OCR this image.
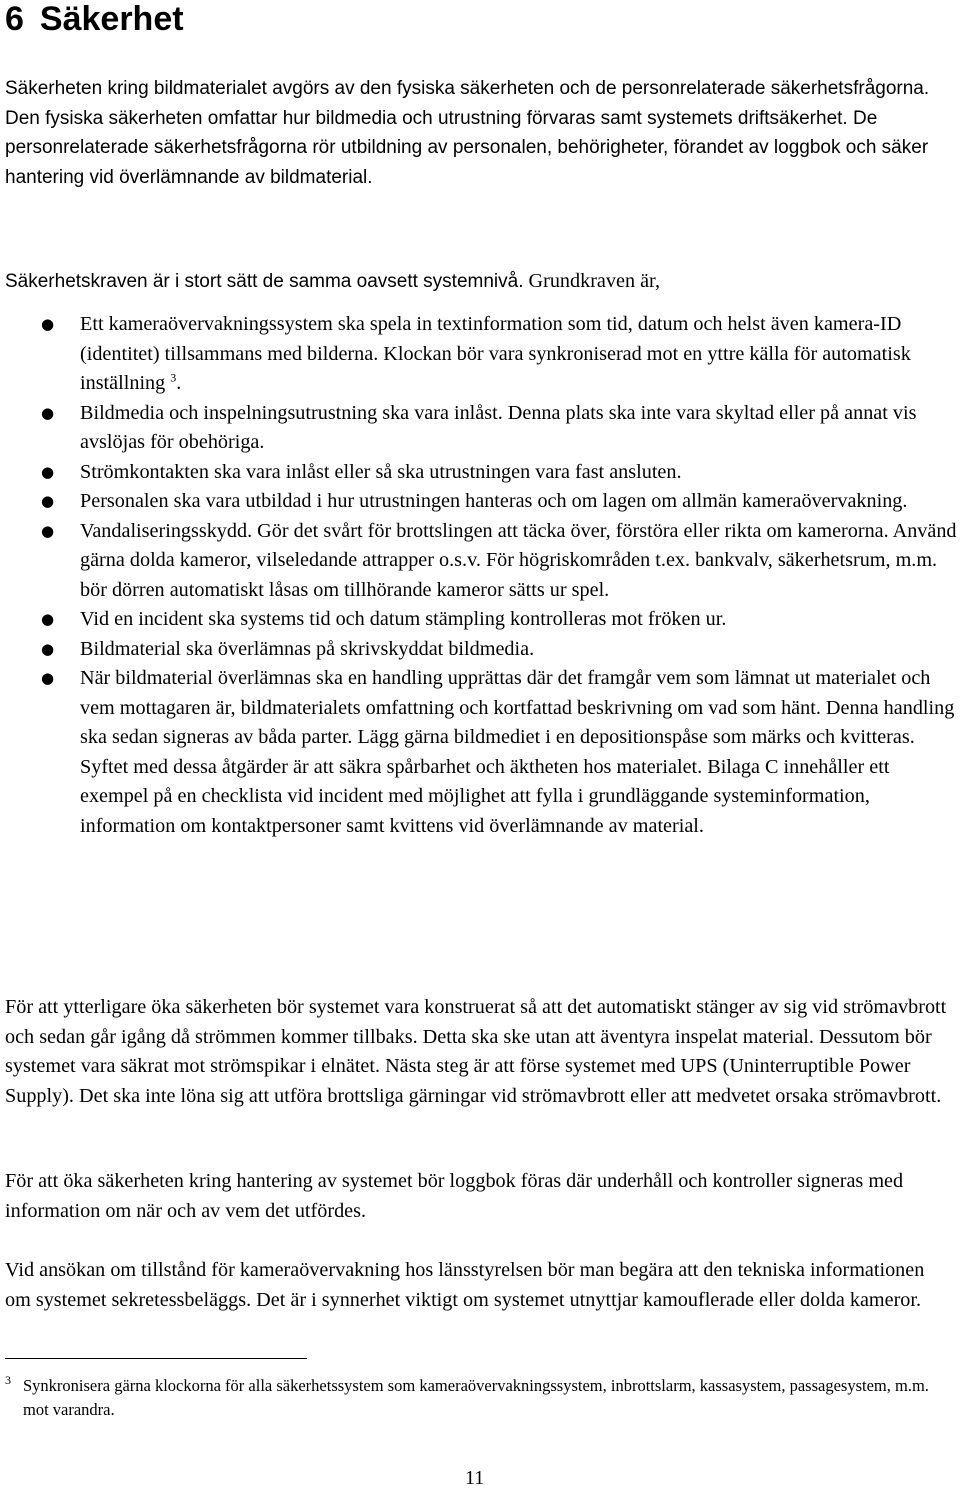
6 Säkerhet

Säkerheten kring bildmaterialet avgörs av den fysiska säkerheten och de personrelaterade säkerhetsfrågorna. Den fysiska säkerheten omfattar hur bildmedia och utrustning förvaras samt systemets driftsäkerhet. De personrelaterade säkerhetsfrågorna rör utbildning av personalen, behörigheter, förandet av loggbok och säker hantering vid överlämnande av bildmaterial.

Säkerhetskraven är i stort sätt de samma oavsett systemnivå. Grundkraven är,

● Ett kameraövervakningssystem ska spela in textinformation som tid, datum och helst även kamera-ID (identitet) tillsammans med bilderna. Klockan bör vara synkroniserad mot en yttre källa för automatisk inställning $^3$.
● Bildmedia och inspelningsutrustning ska vara inlåst. Denna plats ska inte vara skyltad eller på annat vis avslöjas för obehöriga.
● Strömkontakten ska vara inlåst eller så ska utrustningen vara fast ansluten.
● Personalen ska vara utbildad i hur utrustningen hanteras och om lagen om allmän kameraövervakning.
● Vandaliseringsskydd. Gör det svårt för brottslingen att täcka över, förstöra eller rikta om kamerorna. Använd gärna dolda kameror, vilseledande attrapper o.s.v. För högriskområden t.ex. bankvalv, säkerhetsrum, m.m. bör dörren automatiskt låsas om tillhörande kameror sätts ur spel.
● Vid en incident ska systems tid och datum stämpling kontrolleras mot fröken ur.
● Bildmaterial ska överlämnas på skrivskyddat bildmedia.
● När bildmaterial överlämnas ska en handling upprättas där det framgår vem som lämnat ut materialet och vem mottagaren är, bildmaterialets omfattning och kortfattad beskrivning om vad som hänt. Denna handling ska sedan signeras av båda parter. Lägg gärna bildmediet i en depositionspåse som märks och kvitteras. Syftet med dessa åtgärder är att säkra spårbarhet och äktheten hos materialet. Bilaga C innehåller ett exempel på en checklista vid incident med möjlighet att fylla i grundläggande systeminformation, information om kontaktpersoner samt kvittens vid överlämnande av material.

För att ytterligare öka säkerheten bör systemet vara konstruerat så att det automatiskt stänger av sig vid strömavbrott och sedan går igång då strömmen kommer tillbaks. Detta ska ske utan att äventyra inspelat material. Dessutom bör systemet vara säkrat mot strömspikar i elnätet. Nästa steg är att förse systemet med UPS (Uninterruptible Power Supply). Det ska inte löna sig att utföra brottsliga gärningar vid strömavbrott eller att medvetet orsaka strömavbrott.

För att öka säkerheten kring hantering av systemet bör loggbok föras där underhåll och kontroller signeras med information om när och av vem det utfördes.

Vid ansökan om tillstånd för kameraövervakning hos länsstyrelsen bör man begära att den tekniska informationen om systemet sekretessbeläggs. Det är i synnerhet viktigt om systemet utnyttjar kamouflerade eller dolda kameror.

3 Synkronisera gärna klockorna för alla säkerhetssystem som kameraövervakningssystem, inbrottslarm, kassasystem, passagesystem, m.m. mot varandra.
11
